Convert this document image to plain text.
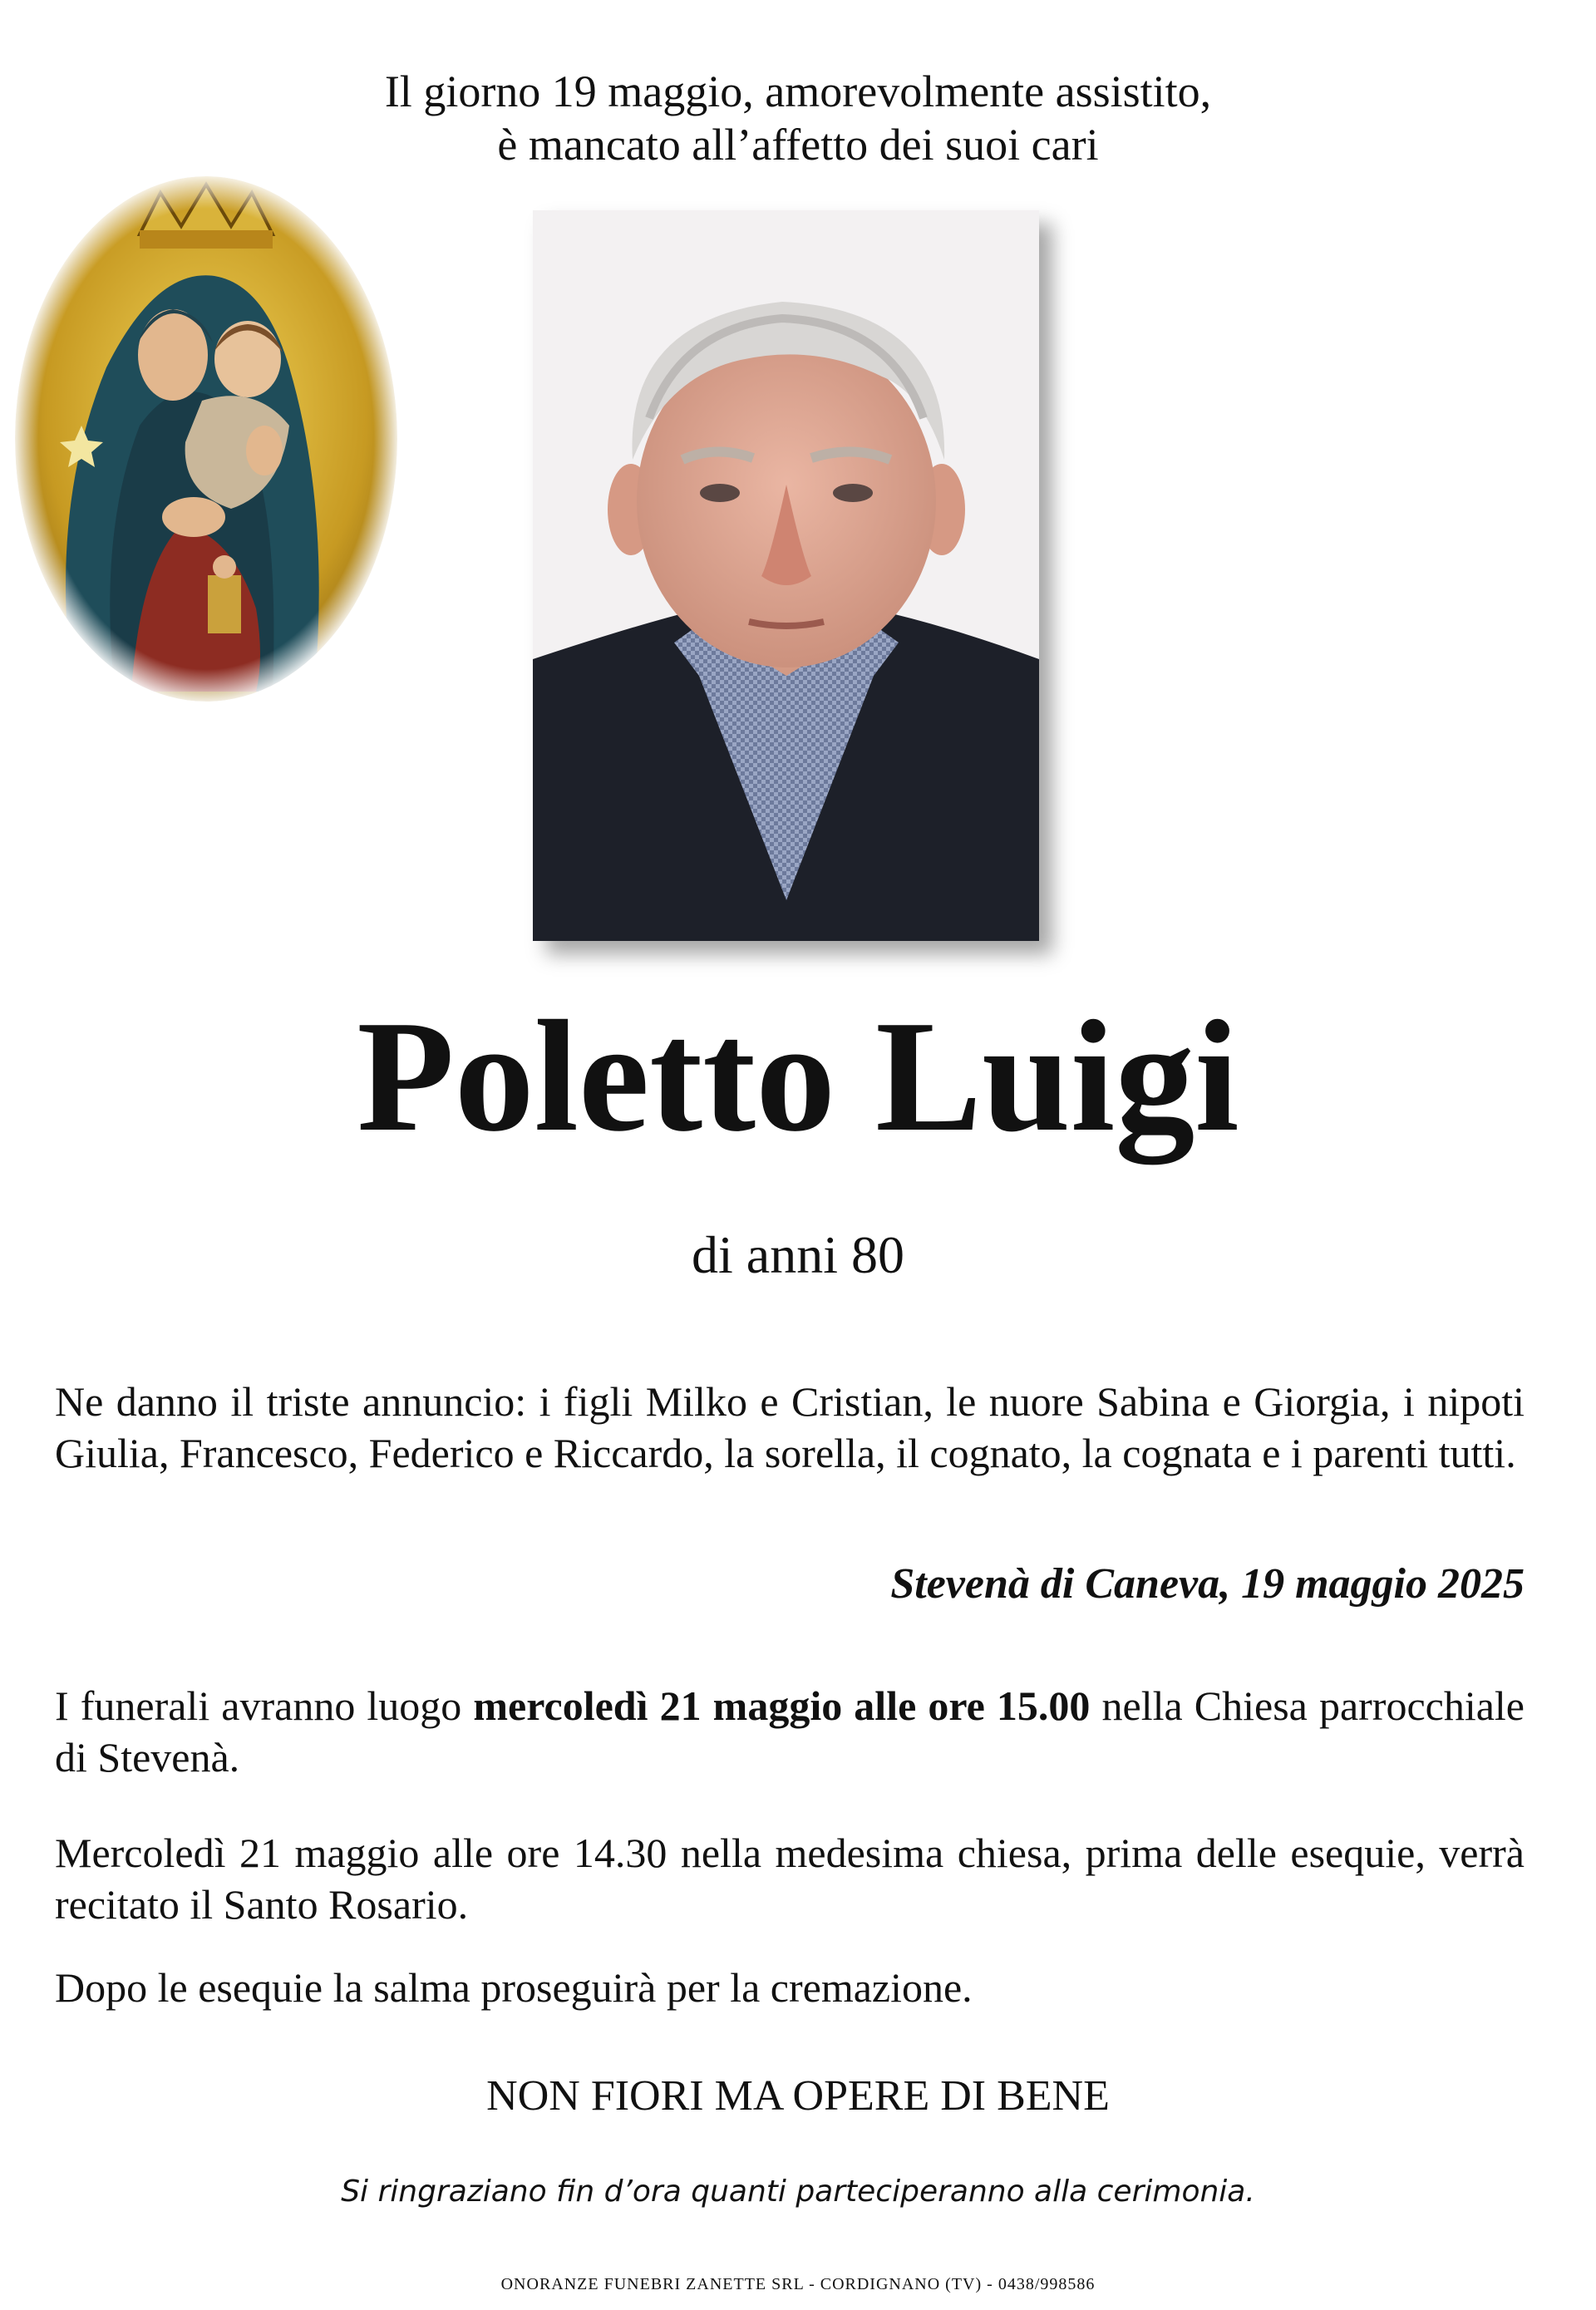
Il giorno 19 maggio, amorevolmente assistito,
è mancato all’affetto dei suoi cari
Poletto Luigi
di anni 80
Ne danno il triste annuncio: i figli Milko e Cristian, le nuore Sabina e Giorgia, i nipoti Giulia, Francesco, Federico e Riccardo, la sorella, il cognato, la cognata e i parenti tutti.
Stevenà di Caneva, 19 maggio 2025
I funerali avranno luogo mercoledì 21 maggio alle ore 15.00 nella Chiesa parrocchiale di Stevenà.
Mercoledì 21 maggio alle ore 14.30 nella medesima chiesa, prima delle esequie, verrà recitato il Santo Rosario.
Dopo le esequie la salma proseguirà per la cremazione.
NON FIORI MA OPERE DI BENE
Si ringraziano fin d’ora quanti parteciperanno alla cerimonia.
ONORANZE FUNEBRI ZANETTE SRL - CORDIGNANO (TV) - 0438/998586
